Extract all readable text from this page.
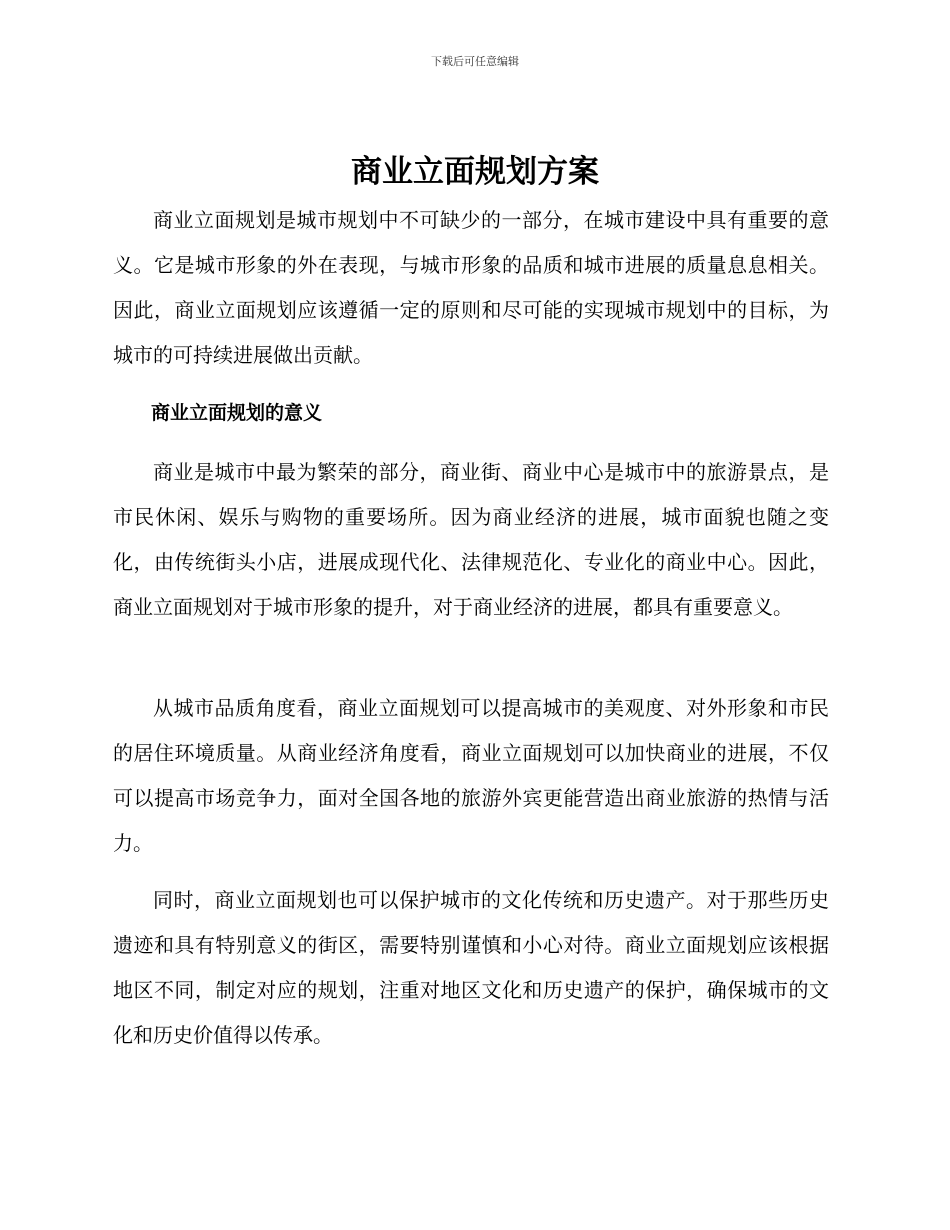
下载后可任意编辑
商业立面规划方案

商业立面规划是城市规划中不可缺少的一部分，在城市建设中具有重要的意义。它是城市形象的外在表现，与城市形象的品质和城市进展的质量息息相关。因此，商业立面规划应该遵循一定的原则和尽可能的实现城市规划中的目标，为城市的可持续进展做出贡献。

商业立面规划的意义

商业是城市中最为繁荣的部分，商业街、商业中心是城市中的旅游景点，是市民休闲、娱乐与购物的重要场所。因为商业经济的进展，城市面貌也随之变化，由传统街头小店，进展成现代化、法律规范化、专业化的商业中心。因此，商业立面规划对于城市形象的提升，对于商业经济的进展，都具有重要意义。

从城市品质角度看，商业立面规划可以提高城市的美观度、对外形象和市民的居住环境质量。从商业经济角度看，商业立面规划可以加快商业的进展，不仅可以提高市场竞争力，面对全国各地的旅游外宾更能营造出商业旅游的热情与活力。

同时，商业立面规划也可以保护城市的文化传统和历史遗产。对于那些历史遗迹和具有特别意义的街区，需要特别谨慎和小心对待。商业立面规划应该根据地区不同，制定对应的规划，注重对地区文化和历史遗产的保护，确保城市的文化和历史价值得以传承。
